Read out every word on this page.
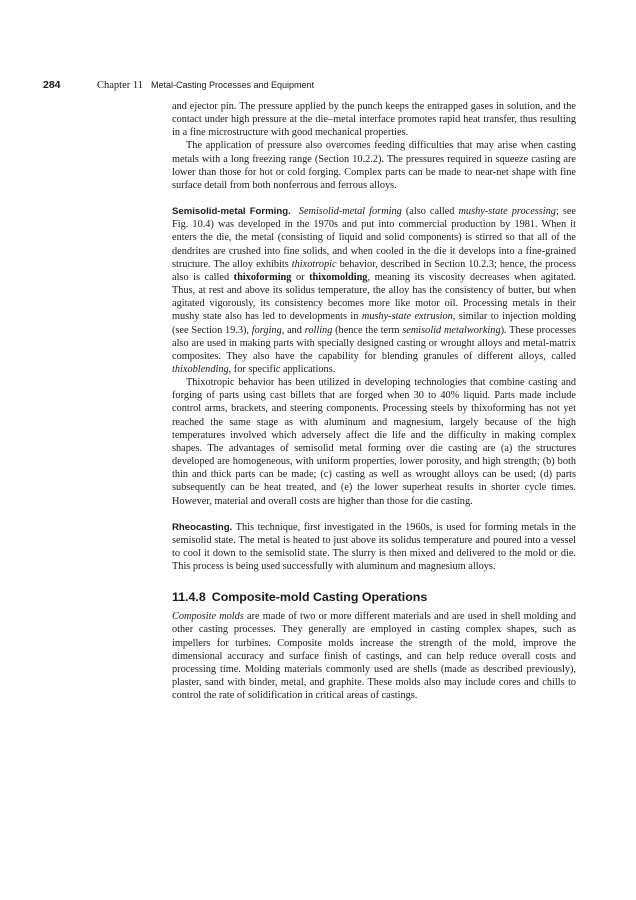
284	Chapter 11 Metal-Casting Processes and Equipment

and ejector pin. The pressure applied by the punch keeps the entrapped gases in solution, and the contact under high pressure at the die–metal interface promotes rapid heat transfer, thus resulting in a fine microstructure with good mechanical properties.

The application of pressure also overcomes feeding difficulties that may arise when casting metals with a long freezing range (Section 10.2.2). The pressures required in squeeze casting are lower than those for hot or cold forging. Complex parts can be made to near-net shape with fine surface detail from both nonferrous and ferrous alloys.

Semisolid-metal Forming. Semisolid-metal forming (also called mushy-state processing; see Fig. 10.4) was developed in the 1970s and put into commercial production by 1981. When it enters the die, the metal (consisting of liquid and solid components) is stirred so that all of the dendrites are crushed into fine solids, and when cooled in the die it develops into a fine-grained structure. The alloy exhibits thixotropic behavior, described in Section 10.2.3; hence, the process also is called thixoforming or thixomolding, meaning its viscosity decreases when agitated. Thus, at rest and above its solidus temperature, the alloy has the consistency of butter, but when agitated vigorously, its consistency becomes more like motor oil. Processing metals in their mushy state also has led to developments in mushy-state extrusion, similar to injection molding (see Section 19.3), forging, and rolling (hence the term semisolid metalworking). These processes also are used in making parts with specially designed casting or wrought alloys and metal-matrix composites. They also have the capability for blending granules of different alloys, called thixoblending, for specific applications.

Thixotropic behavior has been utilized in developing technologies that combine casting and forging of parts using cast billets that are forged when 30 to 40% liquid. Parts made include control arms, brackets, and steering components. Processing steels by thixoforming has not yet reached the same stage as with aluminum and magnesium, largely because of the high temperatures involved which adversely affect die life and the difficulty in making complex shapes. The advantages of semisolid metal forming over die casting are (a) the structures developed are homogeneous, with uniform properties, lower porosity, and high strength; (b) both thin and thick parts can be made; (c) casting as well as wrought alloys can be used; (d) parts subsequently can be heat treated, and (e) the lower superheat results in shorter cycle times. However, material and overall costs are higher than those for die casting.

Rheocasting. This technique, first investigated in the 1960s, is used for forming metals in the semisolid state. The metal is heated to just above its solidus temperature and poured into a vessel to cool it down to the semisolid state. The slurry is then mixed and delivered to the mold or die. This process is being used successfully with aluminum and magnesium alloys.

11.4.8 Composite-mold Casting Operations

Composite molds are made of two or more different materials and are used in shell molding and other casting processes. They generally are employed in casting complex shapes, such as impellers for turbines. Composite molds increase the strength of the mold, improve the dimensional accuracy and surface finish of castings, and can help reduce overall costs and processing time. Molding materials commonly used are shells (made as described previously), plaster, sand with binder, metal, and graphite. These molds also may include cores and chills to control the rate of solidification in critical areas of castings.
